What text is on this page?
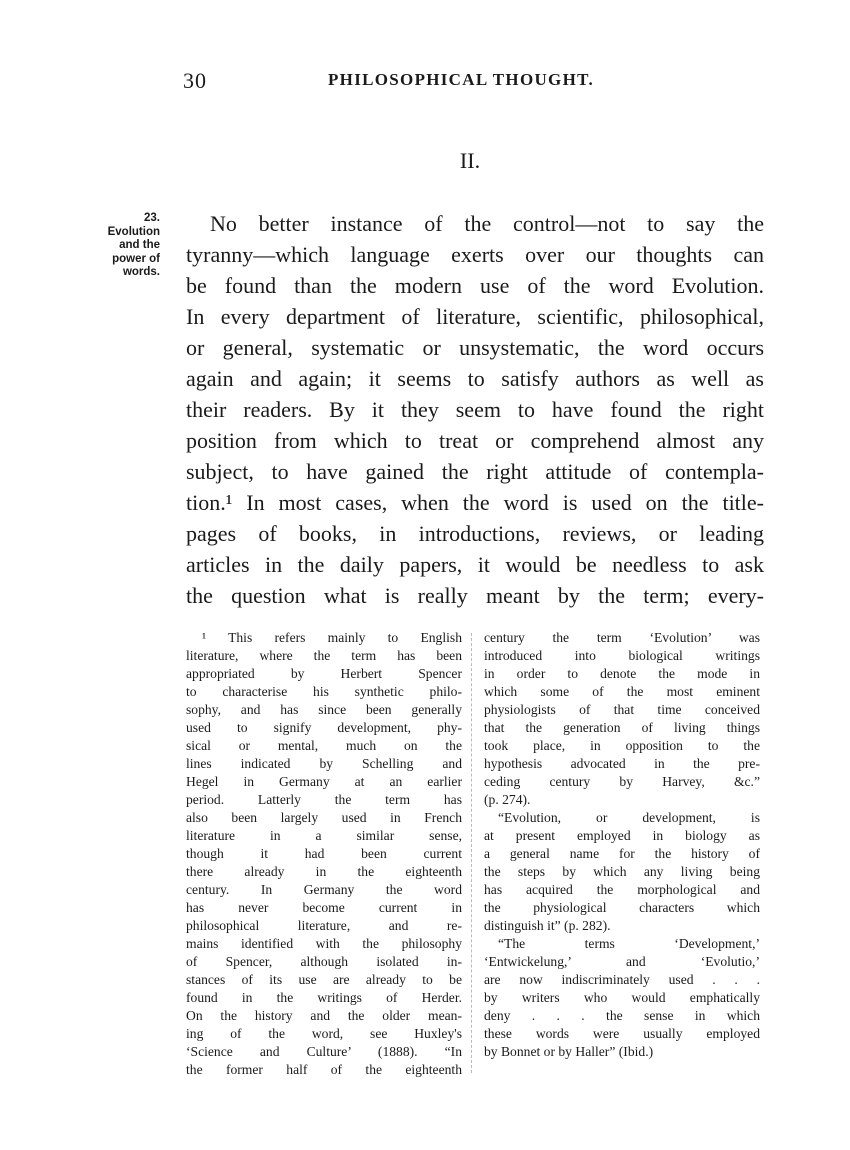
30	PHILOSOPHICAL THOUGHT.
II.
23.
Evolution
and the
power of
words.
No better instance of the control—not to say the
tyranny—which language exerts over our thoughts can
be found than the modern use of the word Evolution.
In every department of literature, scientific, philosophical,
or general, systematic or unsystematic, the word occurs
again and again; it seems to satisfy authors as well as
their readers. By it they seem to have found the right
position from which to treat or comprehend almost any
subject, to have gained the right attitude of contempla-
tion.¹ In most cases, when the word is used on the title-
pages of books, in introductions, reviews, or leading
articles in the daily papers, it would be needless to ask
the question what is really meant by the term; every-
¹ This refers mainly to English
literature, where the term has been
appropriated by Herbert Spencer
to characterise his synthetic philo-
sophy, and has since been generally
used to signify development, phy-
sical or mental, much on the
lines indicated by Schelling and
Hegel in Germany at an earlier
period. Latterly the term has
also been largely used in French
literature in a similar sense,
though it had been current
there already in the eighteenth
century. In Germany the word
has never become current in
philosophical literature, and re-
mains identified with the philosophy
of Spencer, although isolated in-
stances of its use are already to be
found in the writings of Herder.
On the history and the older mean-
ing of the word, see Huxley's
‘Science and Culture’ (1888). “In
the former half of the eighteenth
century the term ‘Evolution’ was
introduced into biological writings
in order to denote the mode in
which some of the most eminent
physiologists of that time conceived
that the generation of living things
took place, in opposition to the
hypothesis advocated in the pre-
ceding century by Harvey, &c.”
(p. 274).
“Evolution, or development, is
at present employed in biology as
a general name for the history of
the steps by which any living being
has acquired the morphological and
the physiological characters which
distinguish it” (p. 282).
“The terms ‘Development,’
‘Entwickelung,’ and ‘Evolutio,’
are now indiscriminately used . . .
by writers who would emphatically
deny . . . the sense in which
these words were usually employed
by Bonnet or by Haller” (Ibid.)
